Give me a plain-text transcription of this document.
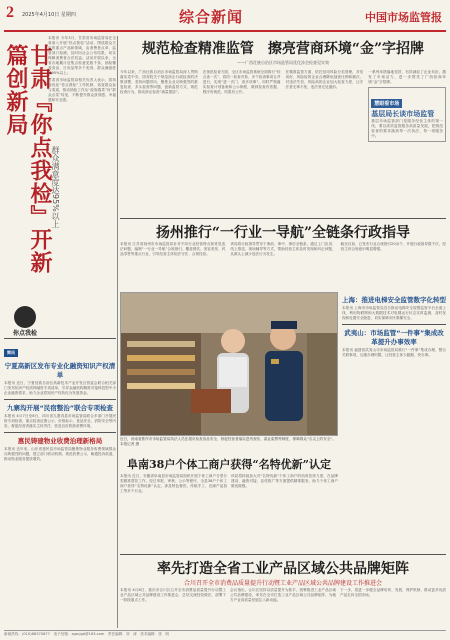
2 2025年4月10日 星期四	综合新闻	中国市场监管报
甘肃『你点我检』开新篇创新局
群众满意度达95%以上

本报讯 今年3月，甘肃省市场监管局在全省深入开展“你点我检”活动，围绕群众关注的重点产品和领域，由消费者点单、监管部门检测，及时向社会公布结果，切实保障消费者合法权益。活动开展以来，全省各地累计征集点检意见数千条，抽检覆盖食品、日用品等多个类别，群众满意度达95%以上。

甘肃省市场监管局相关负责人表示，将持续优化“你点我检”工作机制，拓宽群众参与渠道，推动抽检工作从“政府端菜”向“群众点菜”转变，不断提升群众获得感、幸福感和安全感。

你点我检
简讯
宁夏高新区发布专业化融资知识产权清单

本报讯 近日，宁夏回族自治区高新技术产业开发区管委会联合相关部门发布知识产权质押融资专项清单，引导金融机构精准对接科技型中小企业融资需求，助力企业将知识产权转化为发展资金。

九寨沟开展“民宿整治”联合专项检查

本报讯 4月7日至8日，四川省九寨沟县市场监管局联合多部门开展民宿专项检查，重点检查证照公示、价格标示、食品安全、消防安全等内容，督促经营者落实主体责任，营造良好旅游消费环境。

惠民铸建物业收费治理新格局

本报讯 近年来，山东省惠民县市场监管局聚焦物业服务收费领域群众反映强烈的问题，建立部门联动机制，规范收费公示，畅通投诉渠道，推动物业服务提质增效。

规范检查精准监管　擦亮营商环境“金”字招牌
——广西壮族自治区市场监管局优化涉企检查见实效

今年以来，广西壮族自治区市场监管局深入贯彻落实党中央、国务院关于规范涉企行政检查的决策部署，坚持问题导向，聚焦企业反映强烈的重复检查、多头检查等问题，创新监管方式，规范检查行为，推动涉企检查“减量提质”。

在规范检查方面，全区市场监管系统全面推行“综合查一次”，将同一检查对象、多个检查事项合并进行，实现“进一次门、查多项事”。同时严格落实检查计划备案和公示制度，做到检查有依据、程序有规范、结果有公开。

在精准监管方面，依托信用风险分类管理，对信用好、风险低的企业合理降低抽查比例和频次，对违法失信、风险高的企业加大检查力度，让守法者无事不扰、违法者无处遁形。

一系列举措落地见效，有效减轻了企业负担，激发了市场活力，进一步擦亮了广西营商环境“金”字招牌。

慧眼看市场
基层局长谈市场监管

基层市场监管部门是服务经营主体的第一线，要以高效监管服务高质量发展，把规范检查的要求落到每一次执法、每一项服务中。

扬州推行“一行业一导航”全链条行政指导

本报讯 江苏省扬州市市场监管局针对不同行业经营特点和常见违法问题，编制“一行业一导航”合规指引，覆盖餐饮、美容美发、药品零售等重点行业，引导经营主体知法守法、合规经营。

该局将行政指导贯穿于事前、事中、事后全链条，通过上门宣讲、线上推送、现场辅导等方式，帮助经营主体及时发现和纠正问题，从源头上减少违法行为发生。

截至目前，已发布行业合规指引20余个，开展行政指导数千次，经营主体合规意识明显增强。

近日，河南省焦作市市场监管局执法人员在超市检查食品安全，督促经营者落实进货查验、索证索票等制度，保障群众“舌尖上的安全”。　本报记者 摄

上海：推进电梯安全监管数字化转型

本报讯 上海市市场监管局近日推动电梯安全智慧监管平台全面上线，利用物联网和大数据技术对电梯运行状态实时监测，及时发现和处置安全隐患，切实保障市民乘梯安全。

武夷山：市场监管“一件事”集成改革提升办事效率

本报讯 福建省武夷山市市场监管局推行“一件事”集成办理，整合关联事项，压缩办理时限，让经营主体少跑腿、快办事。

阜南38户个体工商户获得“名特优新”认定

本报讯 近日，安徽省阜南县市场监管局组织开展个体工商户分型分类精准帮扶工作，经过申报、审核、公示等程序，全县38户个体工商户获得“名特优新”认定，涉及特色餐饮、传统手工、农副产品加工等多个行业。

该局将持续加大对“名特优新”个体工商户的培育扶持力度，在品牌建设、融资对接、宣传推广等方面提供精准服务，助力个体工商户做优做强。

率先打造全省工业产品区域公共品牌矩阵
合川召开全市消费品质量提升行动暨工业产品区域公共品牌建设工作推进会

本报讯 4月8日，重庆市合川区召开全市消费品质量提升行动暨工业产品区域公共品牌建设工作推进会，总结交流经验做法，部署下一阶段重点工作。

会议指出，合川区坚持以质量提升为抓手，统筹推进工业产品区域公共品牌建设，率先在全市打造工业产品区域公共品牌矩阵，为地方产业高质量发展注入新动能。

下一步，将进一步健全品牌培育、发展、保护机制，推动更多优质产品走向全国市场。

新闻热线：(010)68370877　电子信箱：zgscjgb@163.com　责任编辑：刘　涛　美术编辑：张　明
